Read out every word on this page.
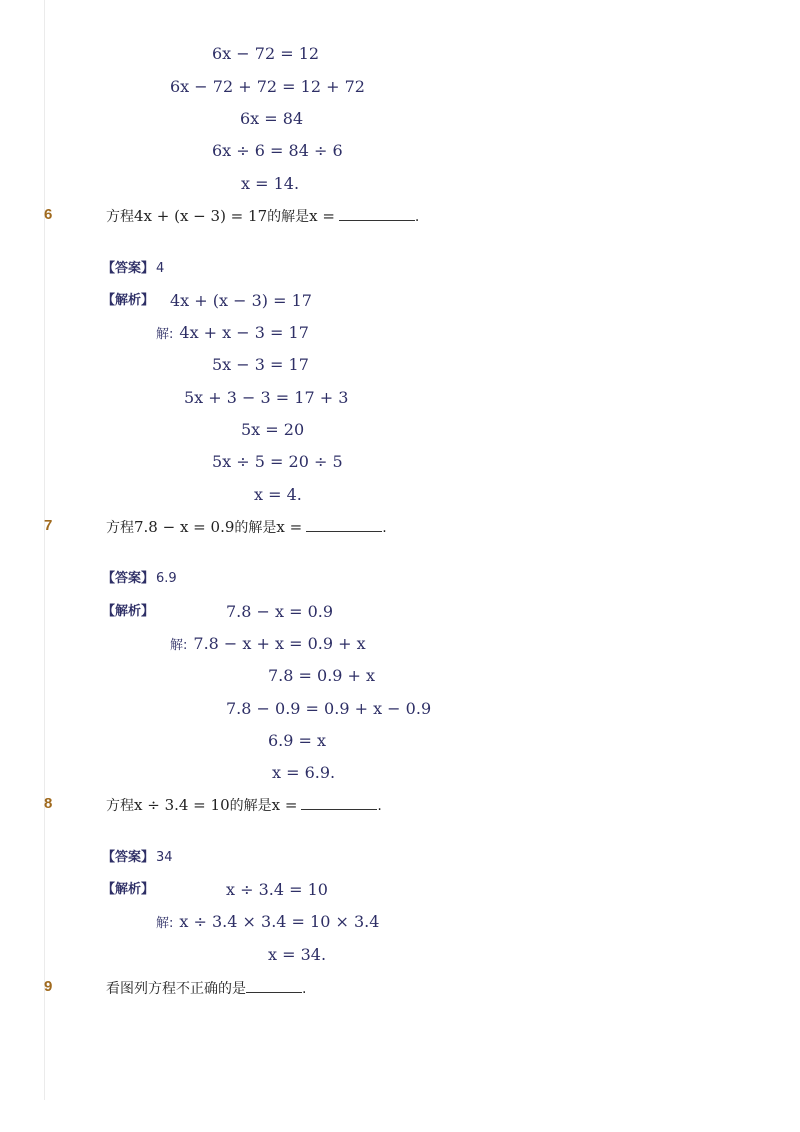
6x − 72 = 12
6x − 72 + 72 = 12 + 72
6x = 84
6x ÷ 6 = 84 ÷ 6
x = 14.
6	方程4x + (x − 3) = 17的解是x =	.
【答案】 4
【解析】 4x + (x − 3) = 17
解: 4x + x − 3 = 17
5x − 3 = 17
5x + 3 − 3 = 17 + 3
5x = 20
5x ÷ 5 = 20 ÷ 5
x = 4.
7	方程7.8 − x = 0.9的解是x =	.
【答案】 6.9
【解析】	7.8 − x = 0.9
解: 7.8 − x + x = 0.9 + x
7.8 = 0.9 + x
7.8 − 0.9 = 0.9 + x − 0.9
6.9 = x
x = 6.9.
8	方程x ÷ 3.4 = 10的解是x =	.
【答案】 34
【解析】	x ÷ 3.4 = 10
解: x ÷ 3.4 × 3.4 = 10 × 3.4
x = 34.
9	看图列方程不正确的是	.
